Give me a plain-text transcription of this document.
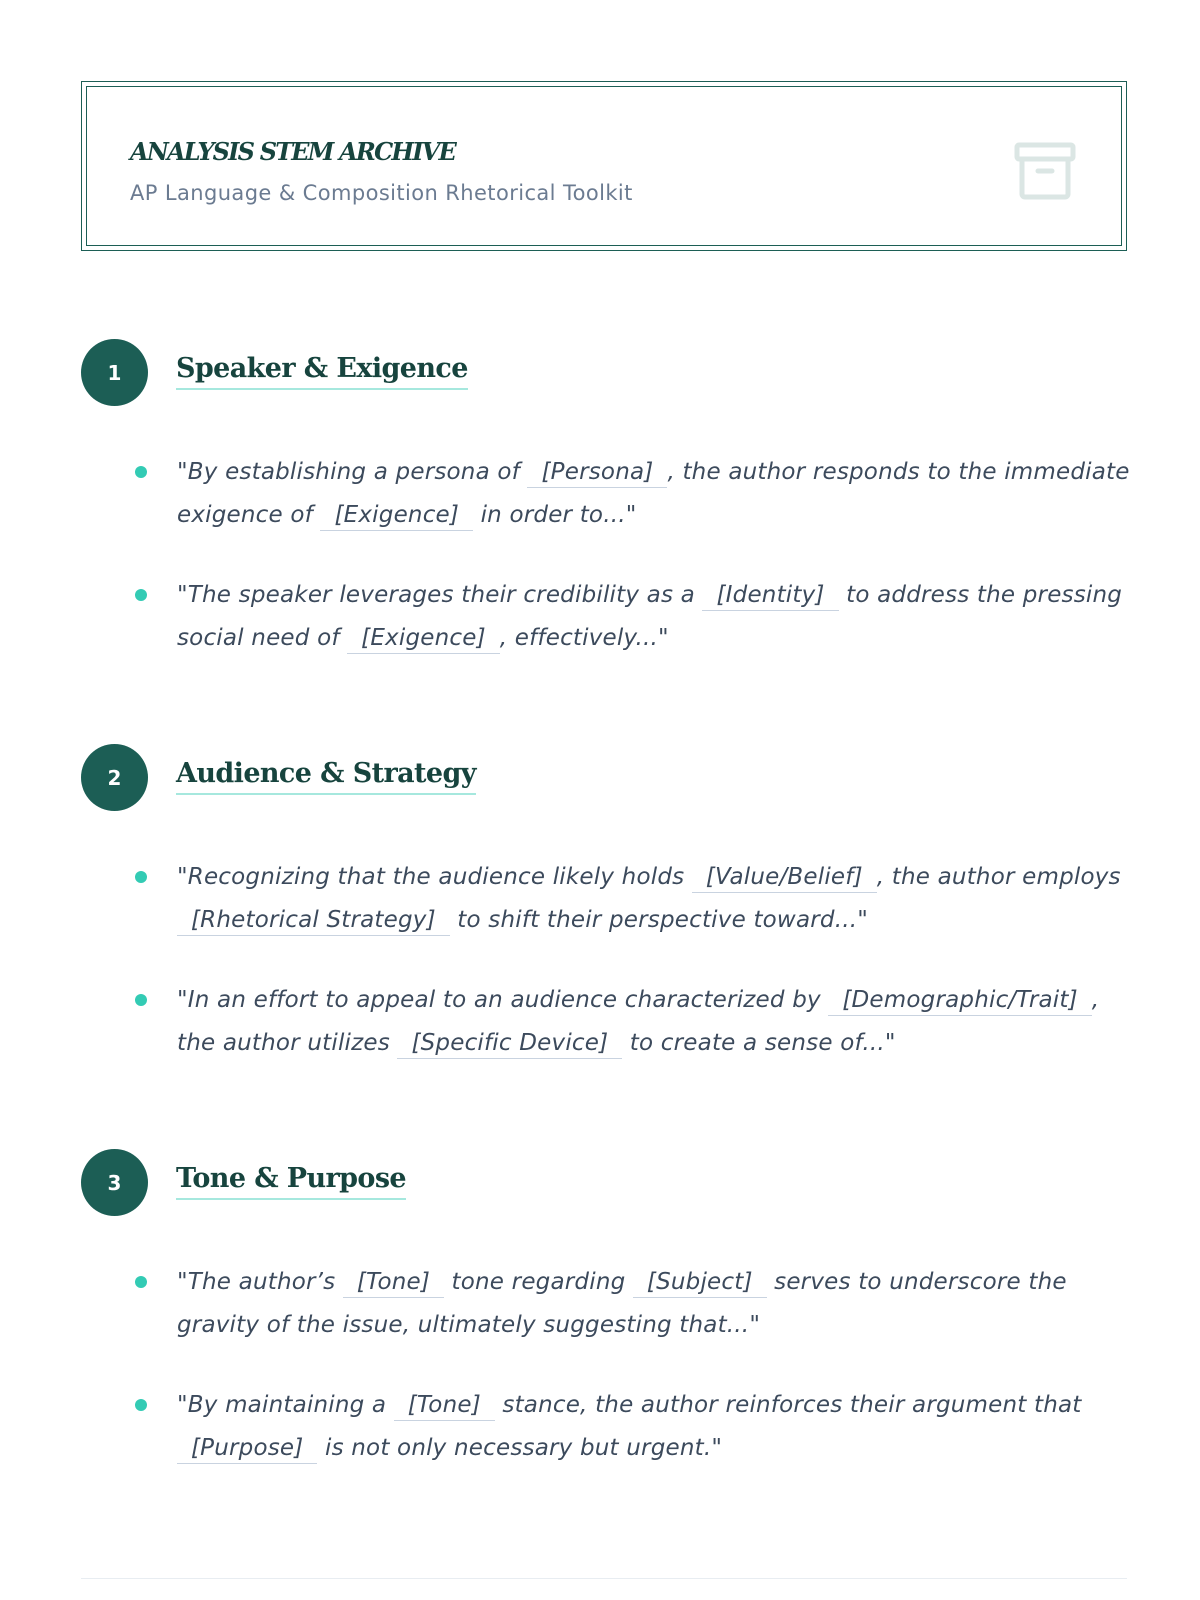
ANALYSIS STEM ARCHIVE
AP Language & Composition Rhetorical Toolkit
1	Speaker & Exigence
"By establishing a persona of [Persona] , the author responds to the immediate exigence of [Exigence] in order to..."
"The speaker leverages their credibility as a [Identity] to address the pressing social need of [Exigence] , effectively..."
2	Audience & Strategy
"Recognizing that the audience likely holds [Value/Belief] , the author employs [Rhetorical Strategy] to shift their perspective toward..."
"In an effort to appeal to an audience characterized by [Demographic/Trait] , the author utilizes [Specific Device] to create a sense of..."
3	Tone & Purpose
"The author’s [Tone] tone regarding [Subject] serves to underscore the gravity of the issue, ultimately suggesting that..."
"By maintaining a [Tone] stance, the author reinforces their argument that [Purpose] is not only necessary but urgent."
